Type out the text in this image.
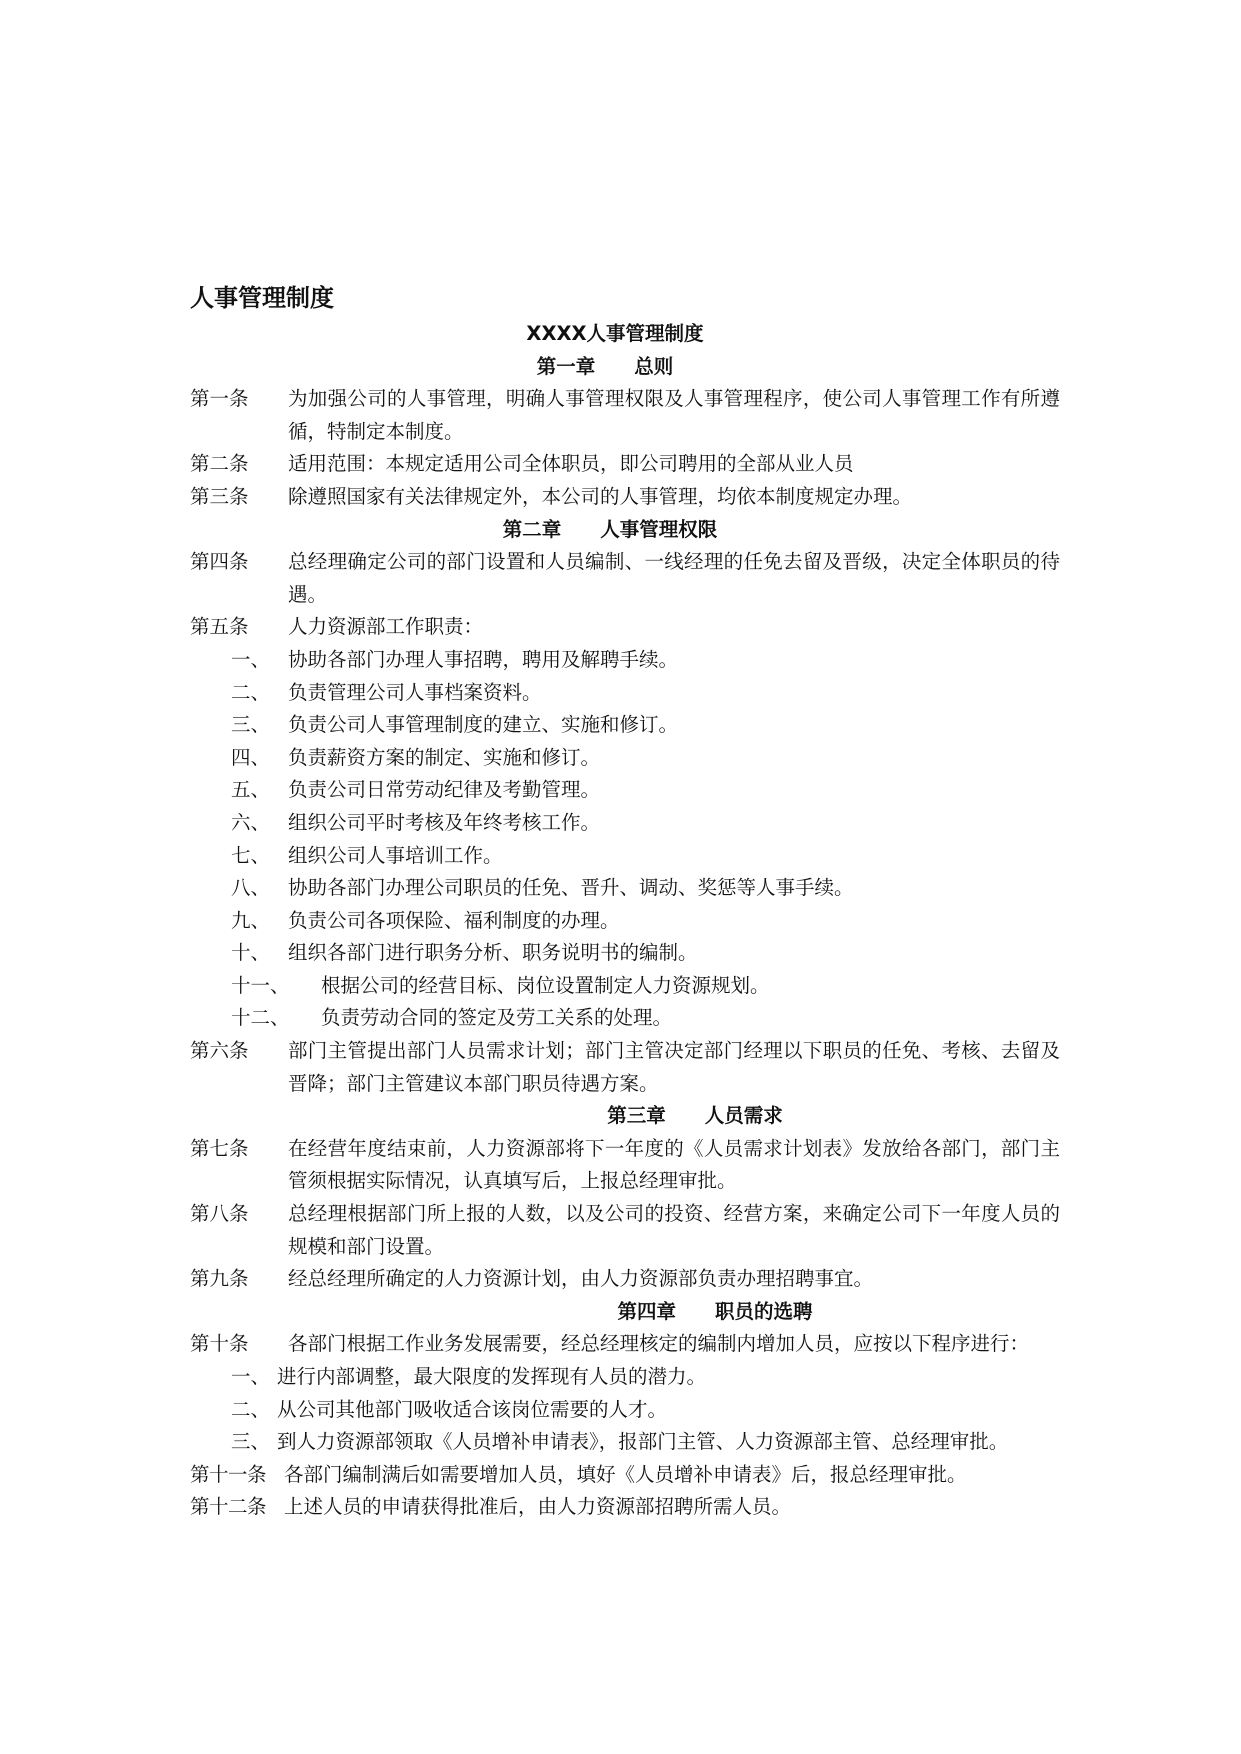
人事管理制度
XXXX人事管理制度
第一章　　总则
第一条	为加强公司的人事管理，明确人事管理权限及人事管理程序，使公司人事管理工作有所遵循，特制定本制度。
第二条	适用范围：本规定适用公司全体职员，即公司聘用的全部从业人员
第三条	除遵照国家有关法律规定外，本公司的人事管理，均依本制度规定办理。
第二章　　人事管理权限
第四条	总经理确定公司的部门设置和人员编制、一线经理的任免去留及晋级，决定全体职员的待遇。
第五条	人力资源部工作职责：
一、 协助各部门办理人事招聘，聘用及解聘手续。
二、 负责管理公司人事档案资料。
三、 负责公司人事管理制度的建立、实施和修订。
四、 负责薪资方案的制定、实施和修订。
五、 负责公司日常劳动纪律及考勤管理。
六、 组织公司平时考核及年终考核工作。
七、 组织公司人事培训工作。
八、 协助各部门办理公司职员的任免、晋升、调动、奖惩等人事手续。
九、 负责公司各项保险、福利制度的办理。
十、 组织各部门进行职务分析、职务说明书的编制。
十一、	根据公司的经营目标、岗位设置制定人力资源规划。
十二、	负责劳动合同的签定及劳工关系的处理。
第六条	部门主管提出部门人员需求计划；部门主管决定部门经理以下职员的任免、考核、去留及晋降；部门主管建议本部门职员待遇方案。
第三章　　人员需求
第七条	在经营年度结束前，人力资源部将下一年度的《人员需求计划表》发放给各部门，部门主管须根据实际情况，认真填写后，上报总经理审批。
第八条	总经理根据部门所上报的人数，以及公司的投资、经营方案，来确定公司下一年度人员的规模和部门设置。
第九条	经总经理所确定的人力资源计划，由人力资源部负责办理招聘事宜。
第四章　　职员的选聘
第十条	各部门根据工作业务发展需要，经总经理核定的编制内增加人员，应按以下程序进行：
一、 进行内部调整，最大限度的发挥现有人员的潜力。
二、 从公司其他部门吸收适合该岗位需要的人才。
三、 到人力资源部领取《人员增补申请表》，报部门主管、人力资源部主管、总经理审批。
第十一条 各部门编制满后如需要增加人员，填好《人员增补申请表》后，报总经理审批。
第十二条 上述人员的申请获得批准后，由人力资源部招聘所需人员。
